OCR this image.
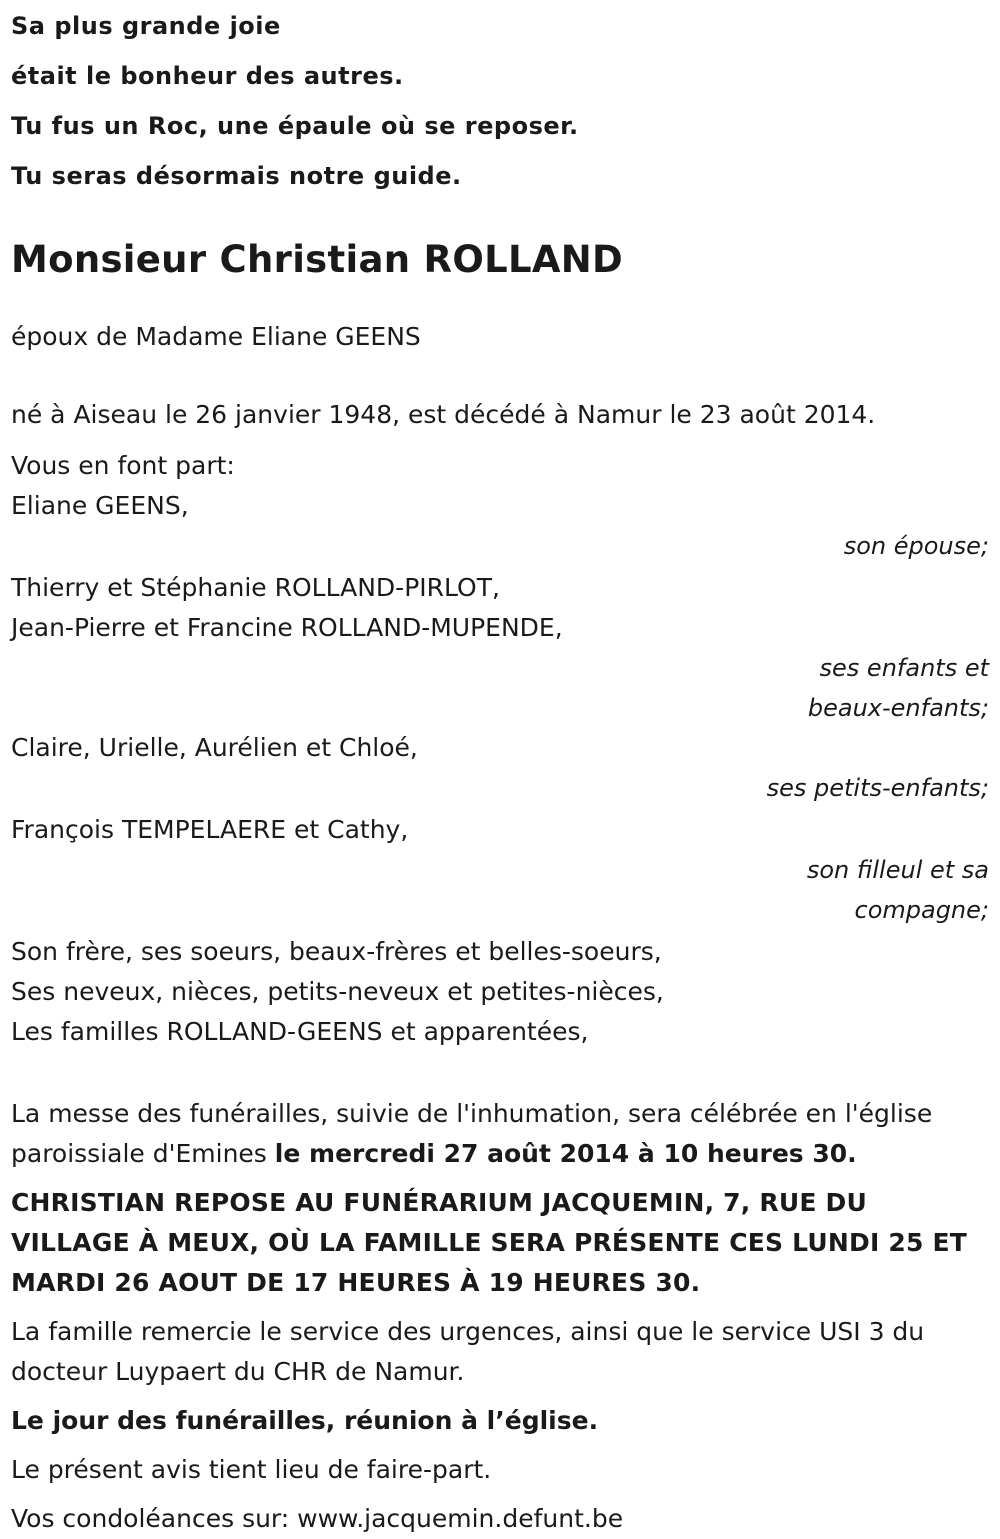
Sa plus grande joie
était le bonheur des autres.
Tu fus un Roc, une épaule où se reposer.
Tu seras désormais notre guide.
Monsieur Christian ROLLAND
époux de Madame Eliane GEENS
né à Aiseau le 26 janvier 1948, est décédé à Namur le 23 août 2014.
Vous en font part:
Eliane GEENS,
son épouse;
Thierry et Stéphanie ROLLAND-PIRLOT,
Jean-Pierre et Francine ROLLAND-MUPENDE,
ses enfants et
beaux-enfants;
Claire, Urielle, Aurélien et Chloé,
ses petits-enfants;
François TEMPELAERE et Cathy,
son filleul et sa
compagne;
Son frère, ses soeurs, beaux-frères et belles-soeurs,
Ses neveux, nièces, petits-neveux et petites-nièces,
Les familles ROLLAND-GEENS et apparentées,
La messe des funérailles, suivie de l'inhumation, sera célébrée en l'église paroissiale d'Emines le mercredi 27 août 2014 à 10 heures 30.
CHRISTIAN REPOSE AU FUNÉRARIUM JACQUEMIN, 7, RUE DU VILLAGE À MEUX, OÙ LA FAMILLE SERA PRÉSENTE CES LUNDI 25 ET MARDI 26 AOUT DE 17 HEURES À 19 HEURES 30.
La famille remercie le service des urgences, ainsi que le service USI 3 du docteur Luypaert du CHR de Namur.
Le jour des funérailles, réunion à l’église.
Le présent avis tient lieu de faire-part.
Vos condoléances sur: www.jacquemin.defunt.be
